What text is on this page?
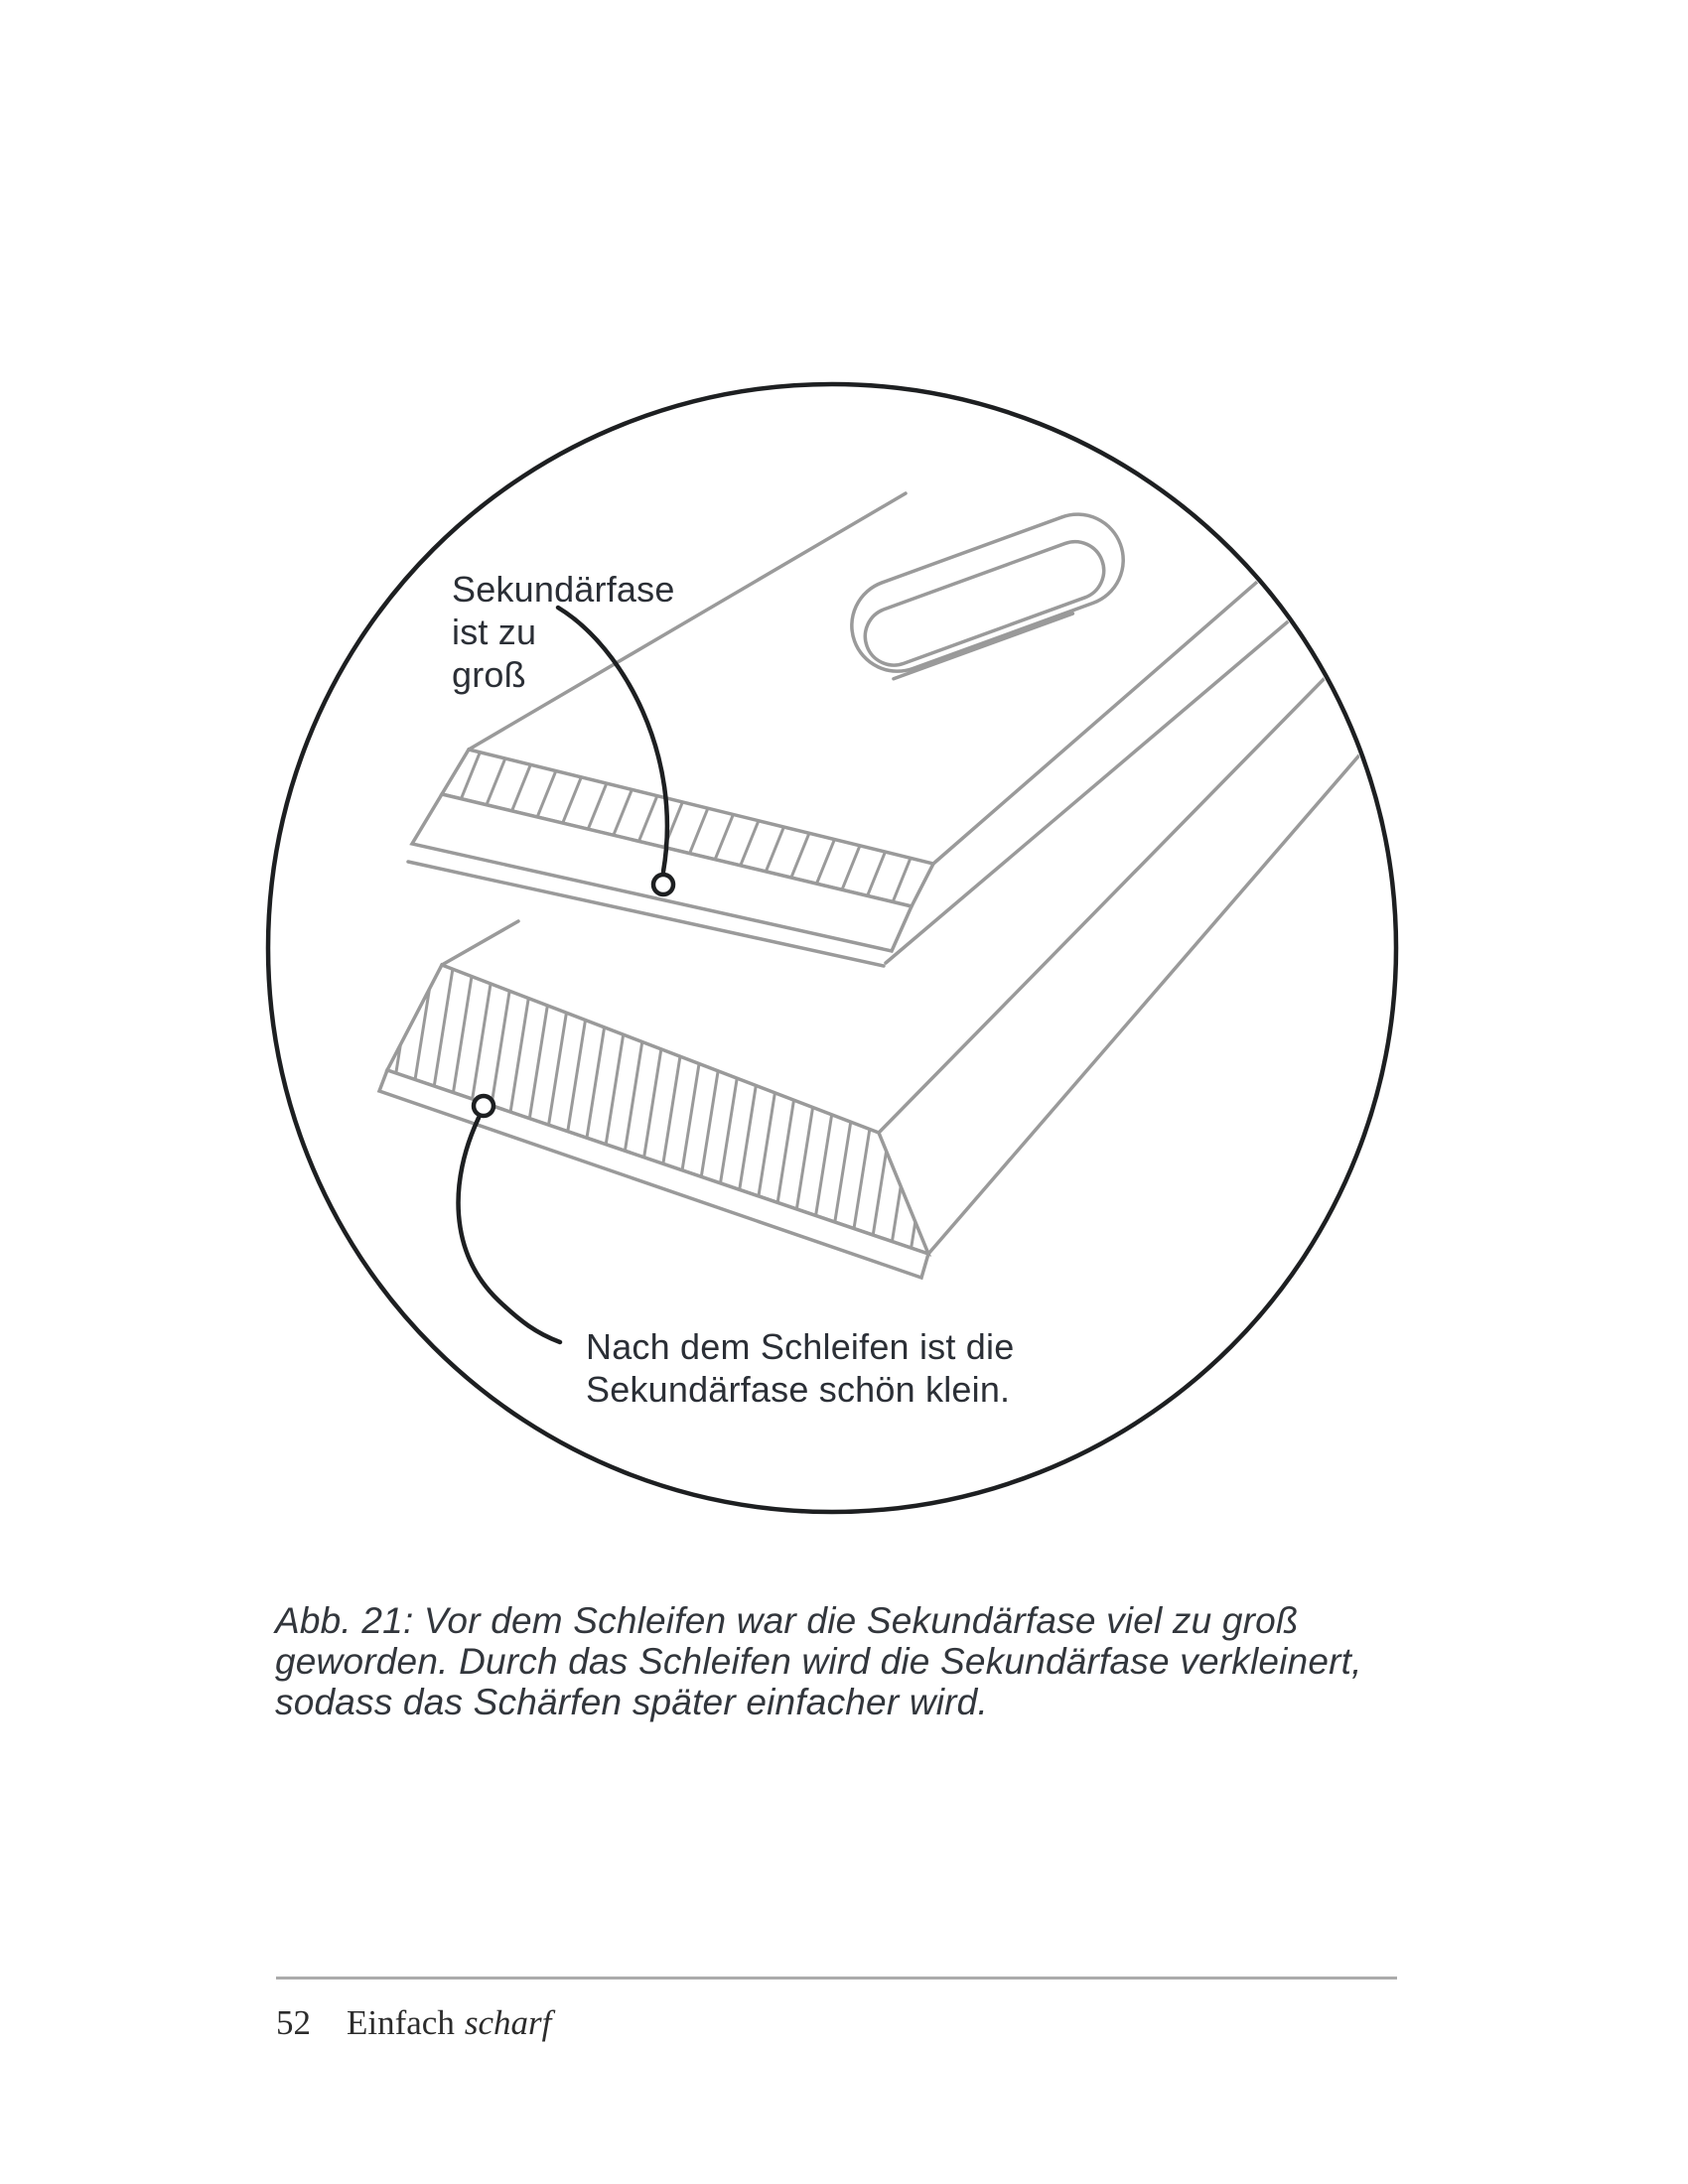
Sekundärfase
ist zu
groß
Nach dem Schleifen ist die
Sekundärfase schön klein.
Abb. 21: Vor dem Schleifen war die Sekundärfase viel zu groß
geworden. Durch das Schleifen wird die Sekundärfase verkleinert,
sodass das Schärfen später einfacher wird.
52 Einfach scharf
